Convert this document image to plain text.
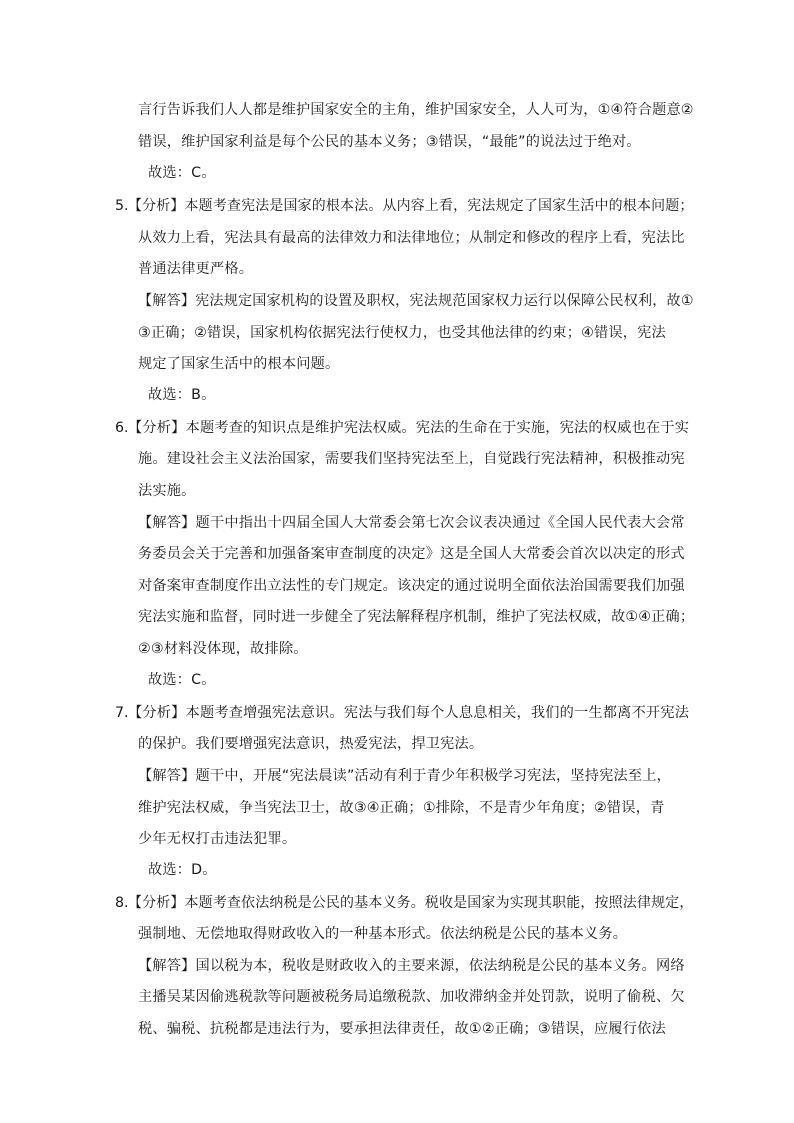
言行告诉我们人人都是维护国家安全的主角，维护国家安全，人人可为，①④符合题意②
错误，维护国家利益是每个公民的基本义务；③错误，“最能”的说法过于绝对。
故选：C。
5. 【分析】本题考查宪法是国家的根本法。从内容上看，宪法规定了国家生活中的根本问题；
从效力上看，宪法具有最高的法律效力和法律地位；从制定和修改的程序上看，宪法比
普通法律更严格。
【解答】宪法规定国家机构的设置及职权，宪法规范国家权力运行以保障公民权利，故①
③正确；②错误，国家机构依据宪法行使权力，也受其他法律的约束；④错误，宪法
规定了国家生活中的根本问题。
故选：B。
6. 【分析】本题考查的知识点是维护宪法权威。宪法的生命在于实施，宪法的权威也在于实
施。建设社会主义法治国家，需要我们坚持宪法至上，自觉践行宪法精神，积极推动宪
法实施。
【解答】题干中指出十四届全国人大常委会第七次会议表决通过《全国人民代表大会常
务委员会关于完善和加强备案审查制度的决定》这是全国人大常委会首次以决定的形式
对备案审查制度作出立法性的专门规定。该决定的通过说明全面依法治国需要我们加强
宪法实施和监督，同时进一步健全了宪法解释程序机制，维护了宪法权威，故①④正确；
②③材料没体现，故排除。
故选：C。
7. 【分析】本题考查增强宪法意识。宪法与我们每个人息息相关，我们的一生都离不开宪法
的保护。我们要增强宪法意识，热爱宪法，捍卫宪法。
【解答】题干中，开展“宪法晨读”活动有利于青少年积极学习宪法，坚持宪法至上，
维护宪法权威，争当宪法卫士，故③④正确；①排除，不是青少年角度；②错误，青
少年无权打击违法犯罪。
故选：D。
8. 【分析】本题考查依法纳税是公民的基本义务。税收是国家为实现其职能，按照法律规定，
强制地、无偿地取得财政收入的一种基本形式。依法纳税是公民的基本义务。
【解答】国以税为本，税收是财政收入的主要来源，依法纳税是公民的基本义务。网络
主播吴某因偷逃税款等问题被税务局追缴税款、加收滞纳金并处罚款，说明了偷税、欠
税、骗税、抗税都是违法行为，要承担法律责任，故①②正确；③错误，应履行依法
